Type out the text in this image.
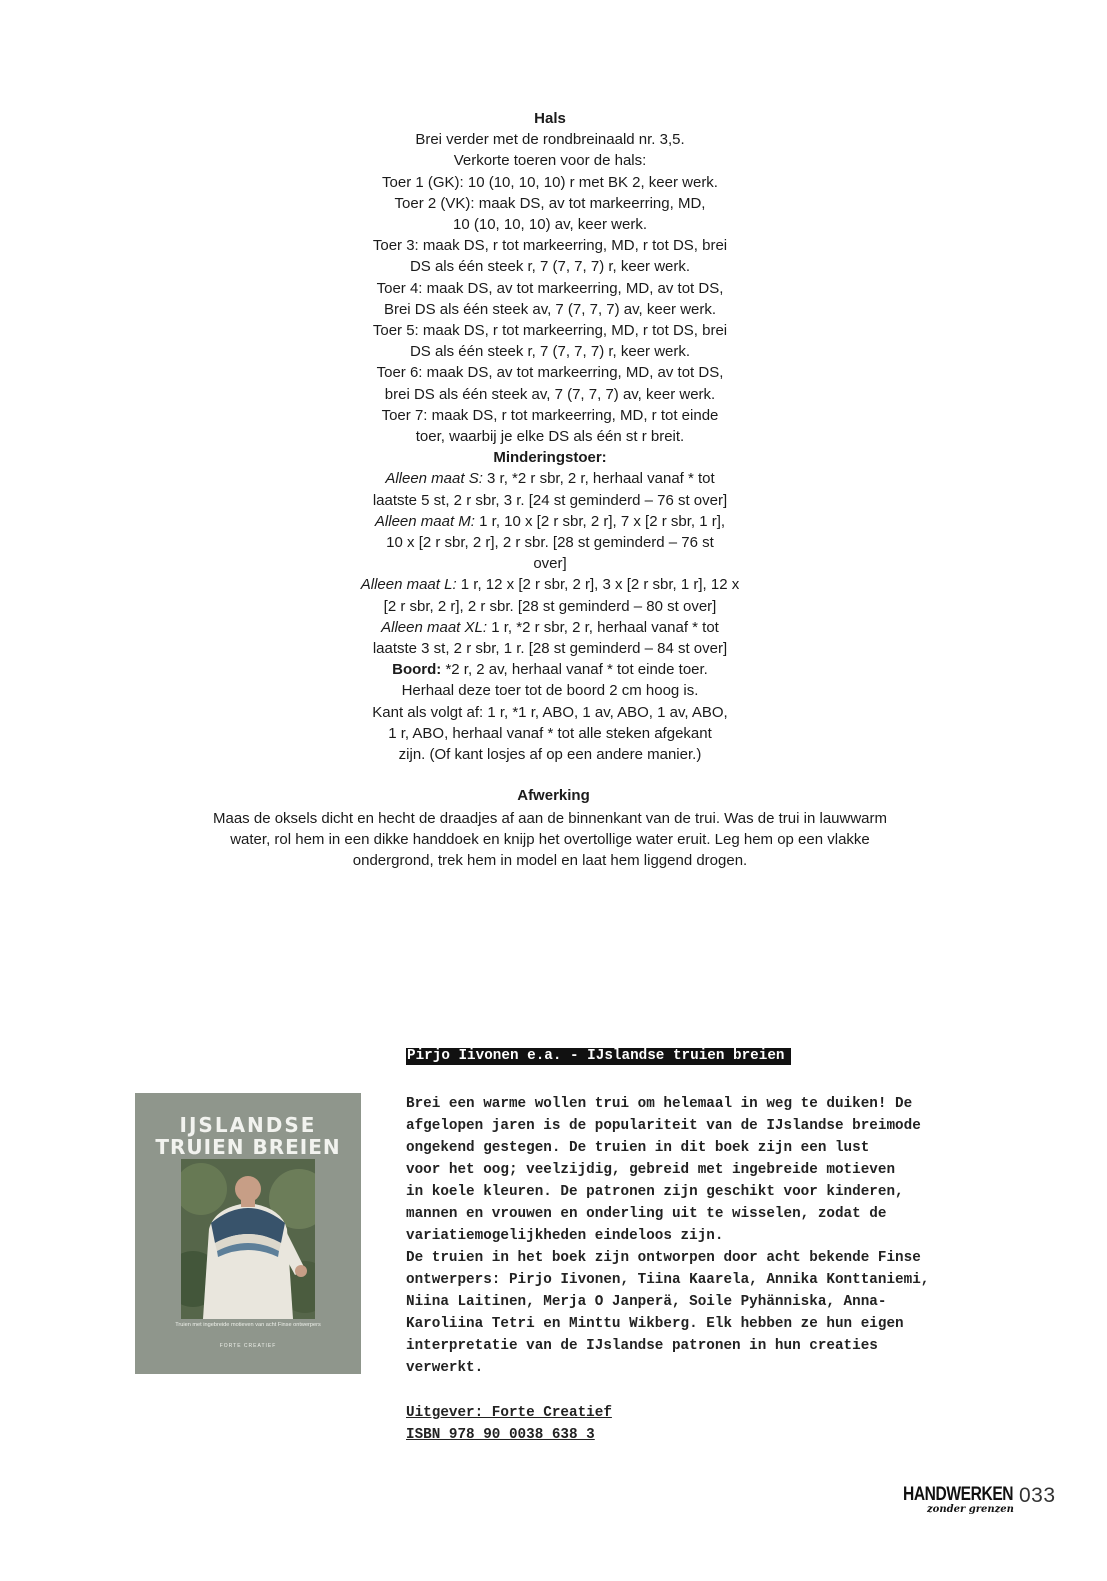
Hals
Brei verder met de rondbreinaald nr. 3,5.
Verkorte toeren voor de hals:
Toer 1 (GK): 10 (10, 10, 10) r met BK 2, keer werk.
Toer 2 (VK): maak DS, av tot markeerring, MD,
10 (10, 10, 10) av, keer werk.
Toer 3: maak DS, r tot markeerring, MD, r tot DS, brei
DS als één steek r, 7 (7, 7, 7) r, keer werk.
Toer 4: maak DS, av tot markeerring, MD, av tot DS,
Brei DS als één steek av, 7 (7, 7, 7) av, keer werk.
Toer 5: maak DS, r tot markeerring, MD, r tot DS, brei
DS als één steek r, 7 (7, 7, 7) r, keer werk.
Toer 6: maak DS, av tot markeerring, MD, av tot DS,
brei DS als één steek av, 7 (7, 7, 7) av, keer werk.
Toer 7: maak DS, r tot markeerring, MD, r tot einde
toer, waarbij je elke DS als één st r breit.
Minderingstoer:
Alleen maat S: 3 r, *2 r sbr, 2 r, herhaal vanaf * tot
laatste 5 st, 2 r sbr, 3 r. [24 st geminderd – 76 st over]
Alleen maat M: 1 r, 10 x [2 r sbr, 2 r], 7 x [2 r sbr, 1 r],
10 x [2 r sbr, 2 r], 2 r sbr. [28 st geminderd – 76 st
over]
Alleen maat L: 1 r, 12 x [2 r sbr, 2 r], 3 x [2 r sbr, 1 r], 12 x
[2 r sbr, 2 r], 2 r sbr. [28 st geminderd – 80 st over]
Alleen maat XL: 1 r, *2 r sbr, 2 r, herhaal vanaf * tot
laatste 3 st, 2 r sbr, 1 r. [28 st geminderd – 84 st over]
Boord: *2 r, 2 av, herhaal vanaf * tot einde toer.
Herhaal deze toer tot de boord 2 cm hoog is.
Kant als volgt af: 1 r, *1 r, ABO, 1 av, ABO, 1 av, ABO,
1 r, ABO, herhaal vanaf * tot alle steken afgekant
zijn. (Of kant losjes af op een andere manier.)
Afwerking
Maas de oksels dicht en hecht de draadjes af aan de binnenkant van de trui. Was de trui in lauwwarm
water, rol hem in een dikke handdoek en knijp het overtollige water eruit. Leg hem op een vlakke
ondergrond, trek hem in model en laat hem liggend drogen.
IJSLANDSE
TRUIEN BREIEN
Truien met ingebreide motieven van acht Finse ontwerpers
FORTE CREATIEF
Pirjo Iivonen e.a. - IJslandse truien breien
Brei een warme wollen trui om helemaal in weg te duiken! De
afgelopen jaren is de populariteit van de IJslandse breimode
ongekend gestegen. De truien in dit boek zijn een lust
voor het oog; veelzijdig, gebreid met ingebreide motieven
in koele kleuren. De patronen zijn geschikt voor kinderen,
mannen en vrouwen en onderling uit te wisselen, zodat de
variatiemogelijkheden eindeloos zijn.
De truien in het boek zijn ontworpen door acht bekende Finse
ontwerpers: Pirjo Iivonen, Tiina Kaarela, Annika Konttaniemi,
Niina Laitinen, Merja O Janperä, Soile Pyhänniska, Anna-
Karoliina Tetri en Minttu Wikberg. Elk hebben ze hun eigen
interpretatie van de IJslandse patronen in hun creaties
verwerkt.
Uitgever: Forte Creatief
ISBN 978 90 0038 638 3
HANDWERKEN 033
zonder grenzen
